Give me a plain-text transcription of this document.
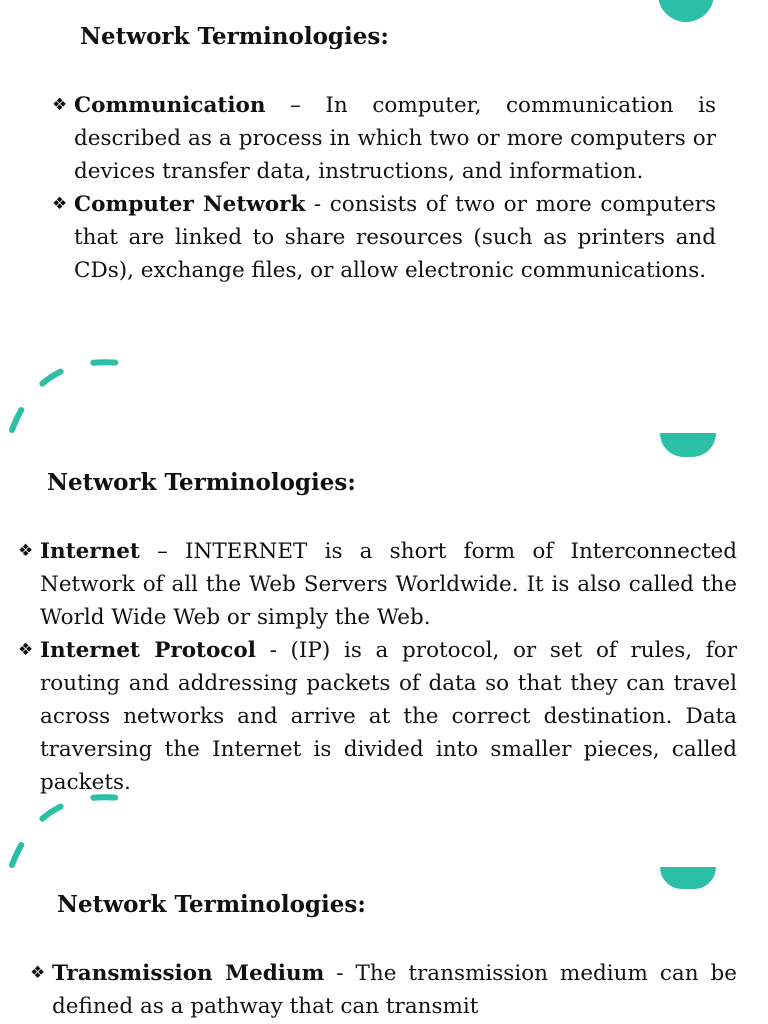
Network Terminologies:
❖ Communication – In computer, communication is described as a process in which two or more computers or devices transfer data, instructions, and information.
❖ Computer Network - consists of two or more computers that are linked to share resources (such as printers and CDs), exchange files, or allow electronic communications.
Network Terminologies:
❖ Internet – INTERNET is a short form of Interconnected Network of all the Web Servers Worldwide. It is also called the World Wide Web or simply the Web.
❖ Internet Protocol - (IP) is a protocol, or set of rules, for routing and addressing packets of data so that they can travel across networks and arrive at the correct destination. Data traversing the Internet is divided into smaller pieces, called packets.
Network Terminologies:
❖ Transmission Medium - The transmission medium can be defined as a pathway that can transmit
